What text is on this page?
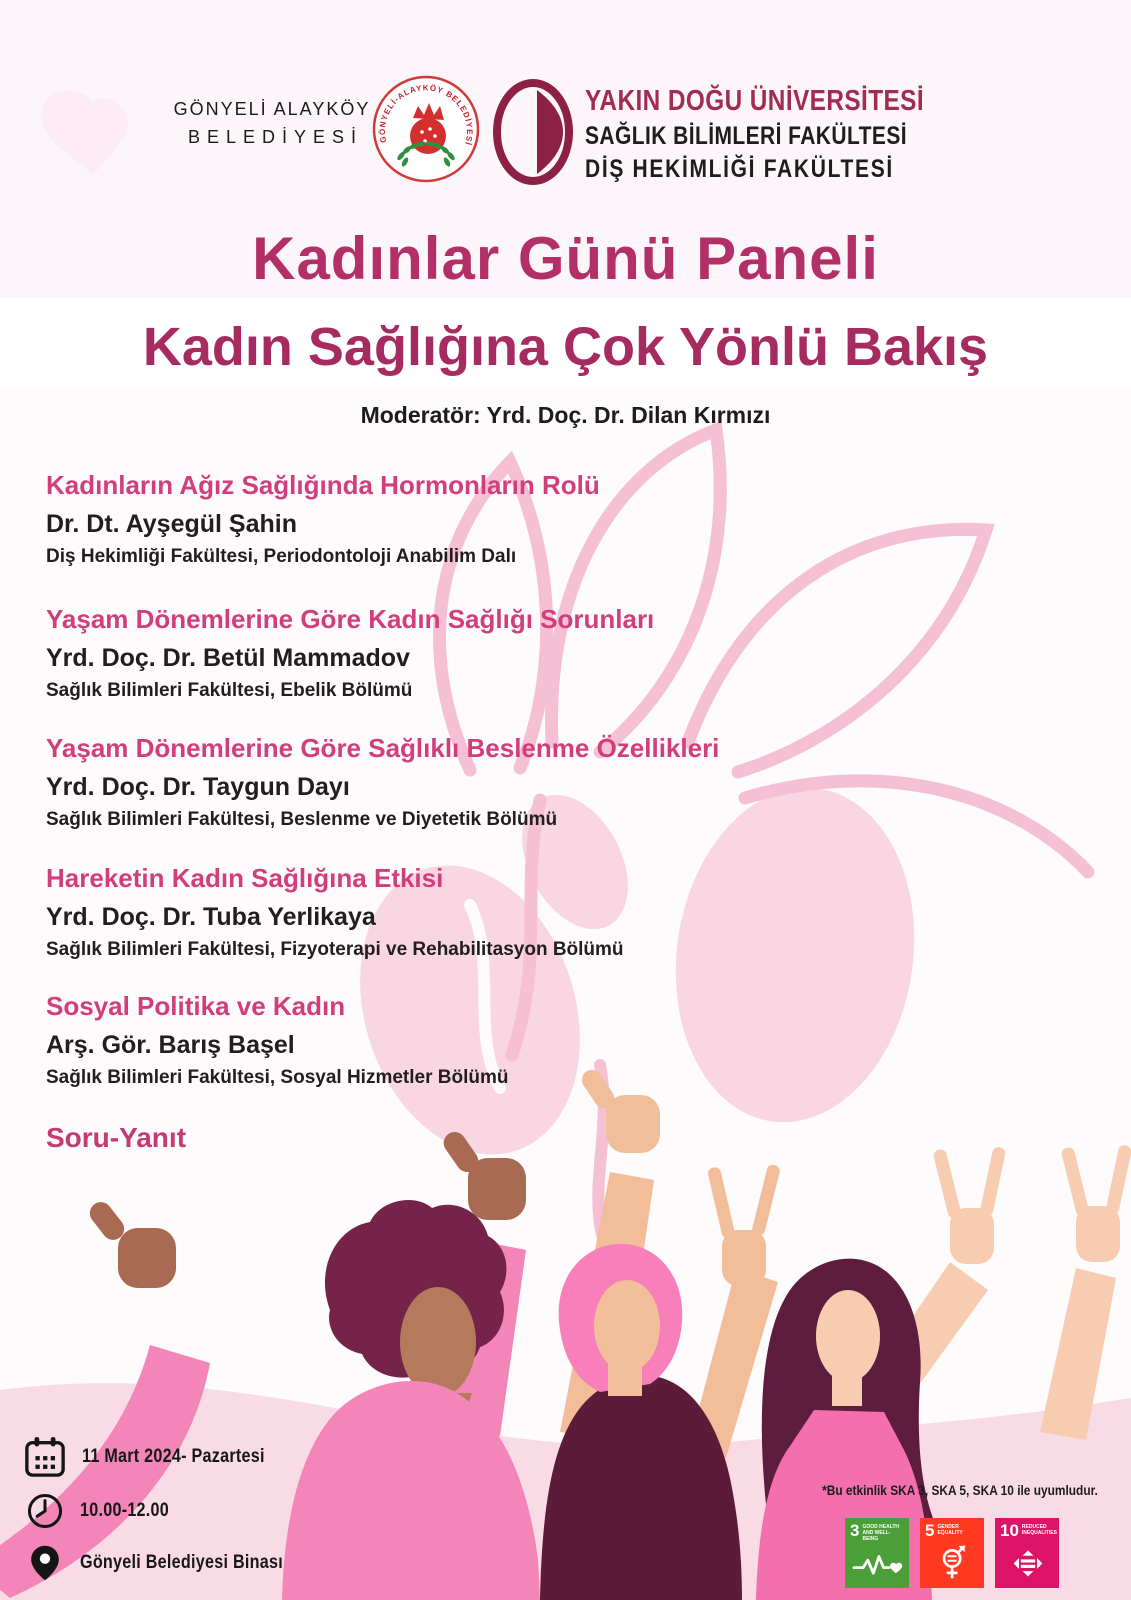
GÖNYELİ ALAYKÖY
BELEDİYESİ	GÖNYELİ-ALAYKÖY BELEDİYESİ
YAKIN DOĞU ÜNİVERSİTESİ
SAĞLIK BİLİMLERİ FAKÜLTESİ
DİŞ HEKİMLİĞİ FAKÜLTESİ
Kadınlar Günü Paneli
Kadın Sağlığına Çok Yönlü Bakış
Moderatör: Yrd. Doç. Dr. Dilan Kırmızı
Kadınların Ağız Sağlığında Hormonların Rolü
Dr. Dt. Ayşegül Şahin
Diş Hekimliği Fakültesi, Periodontoloji Anabilim Dalı
Yaşam Dönemlerine Göre Kadın Sağlığı Sorunları
Yrd. Doç. Dr. Betül Mammadov
Sağlık Bilimleri Fakültesi, Ebelik Bölümü
Yaşam Dönemlerine Göre Sağlıklı Beslenme Özellikleri
Yrd. Doç. Dr. Taygun Dayı
Sağlık Bilimleri Fakültesi, Beslenme ve Diyetetik Bölümü
Hareketin Kadın Sağlığına Etkisi
Yrd. Doç. Dr. Tuba Yerlikaya
Sağlık Bilimleri Fakültesi, Fizyoterapi ve Rehabilitasyon Bölümü
Sosyal Politika ve Kadın
Arş. Gör. Barış Başel
Sağlık Bilimleri Fakültesi, Sosyal Hizmetler Bölümü
Soru-Yanıt
11 Mart 2024- Pazartesi
10.00-12.00
Gönyeli Belediyesi Binası
*Bu etkinlik SKA 3, SKA 5, SKA 10 ile uyumludur.
3 GOOD HEALTH AND WELL-BEING	5 GENDER EQUALITY	10 REDUCED INEQUALITIES
